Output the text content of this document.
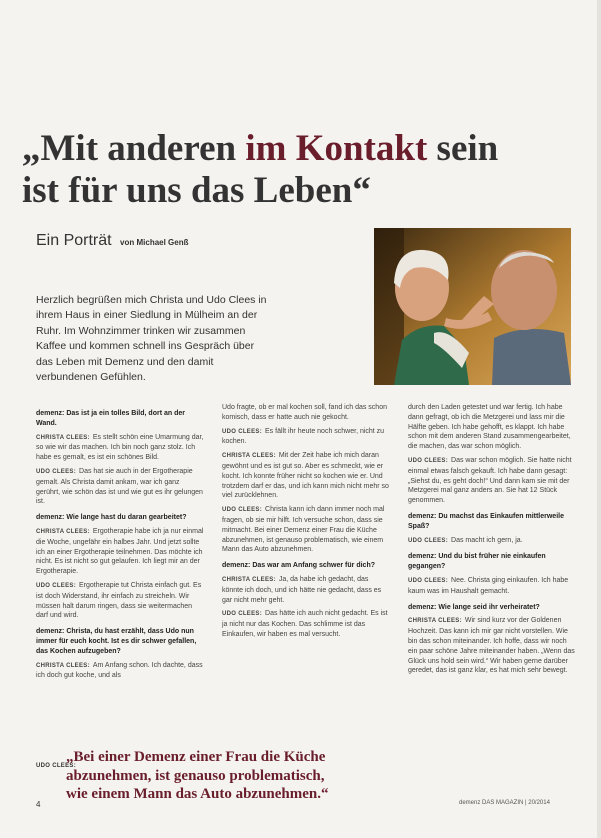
„Mit anderen im Kontakt sein
ist für uns das Leben“
Ein Porträt von Michael Genß

Herzlich begrüßen mich Christa und Udo Clees in ihrem Haus in einer Siedlung in Mülheim an der Ruhr. Im Wohnzimmer trinken wir zusammen Kaffee und kommen schnell ins Gespräch über das Leben mit Demenz und den damit verbundenen Gefühlen.

demenz: Das ist ja ein tolles Bild, dort an der Wand.

CHRISTA CLEES: Es stellt schön eine Umarmung dar, so wie wir das machen. Ich bin noch ganz stolz. Ich habe es gemalt, es ist ein schönes Bild.

UDO CLEES: Das hat sie auch in der Ergotherapie gemalt. Als Christa damit ankam, war ich ganz gerührt, wie schön das ist und wie gut es ihr gelungen ist.

demenz: Wie lange hast du daran gearbeitet?

CHRISTA CLEES: Ergotherapie habe ich ja nur einmal die Woche, ungefähr ein halbes Jahr. Und jetzt sollte ich an einer Ergotherapie teilnehmen. Das möchte ich nicht. Es ist nicht so gut gelaufen. Ich liegt mir an der Ergotherapie.

UDO CLEES: Ergotherapie tut Christa einfach gut. Es ist doch Widerstand, ihr einfach zu streicheln. Wir müssen halt darum ringen, dass sie weitermachen darf und wird.

demenz: Christa, du hast erzählt, dass Udo nun immer für euch kocht. Ist es dir schwer gefallen, das Kochen aufzugeben?

CHRISTA CLEES: Am Anfang schon. Ich dachte, dass ich doch gut koche, und als

Udo fragte, ob er mal kochen soll, fand ich das schon komisch, dass er hatte auch nie gekocht.

UDO CLEES: Es fällt ihr heute noch schwer, nicht zu kochen.

CHRISTA CLEES: Mit der Zeit habe ich mich daran gewöhnt und es ist gut so. Aber es schmeckt, wie er kocht. Ich konnte früher nicht so kochen wie er. Und trotzdem darf er das, und ich kann mich nicht mehr so viel zurücklehnen.

UDO CLEES: Christa kann ich dann immer noch mal fragen, ob sie mir hilft. Ich versuche schon, dass sie mitmacht. Bei einer Demenz einer Frau die Küche abzunehmen, ist genauso problematisch, wie einem Mann das Auto abzunehmen.

demenz: Das war am Anfang schwer für dich?

CHRISTA CLEES: Ja, da habe ich gedacht, das könnte ich doch, und ich hätte nie gedacht, dass es gar nicht mehr geht.

UDO CLEES: Das hätte ich auch nicht gedacht. Es ist ja nicht nur das Kochen. Das schlimme ist das Einkaufen, wir haben es mal versucht.

durch den Laden getestet und war fertig. Ich habe dann gefragt, ob ich die Metzgerei und lass mir die Hälfte geben. Ich habe gehofft, es klappt. Ich habe schon mit dem anderen Stand zusammengearbeitet, die machen, das war schon möglich.

UDO CLEES: Das war schon möglich. Sie hatte nicht einmal etwas falsch gekauft. Ich habe dann gesagt: „Siehst du, es geht doch!“ Und dann kam sie mit der Metzgerei mal ganz anders an. Sie hat 12 Stück genommen.

demenz: Du machst das Einkaufen mittlerweile Spaß?

UDO CLEES: Das macht ich gern, ja.

demenz: Und du bist früher nie einkaufen gegangen?

UDO CLEES: Nee. Christa ging einkaufen. Ich habe kaum was im Haushalt gemacht.

demenz: Wie lange seid ihr verheiratet?

CHRISTA CLEES: Wir sind kurz vor der Goldenen Hochzeit. Das kann ich mir gar nicht vorstellen. Wie bin das schon miteinander. Ich hoffe, dass wir noch ein paar schöne Jahre miteinander haben. „Wenn das Glück uns hold sein wird.“ Wir haben gerne darüber geredet, das ist ganz klar, es hat mich sehr bewegt.

UDO CLEES:

„Bei einer Demenz einer Frau die Küche
abzunehmen, ist genauso problematisch,
wie einem Mann das Auto abzunehmen.“

4	demenz DAS MAGAZIN | 20/2014
